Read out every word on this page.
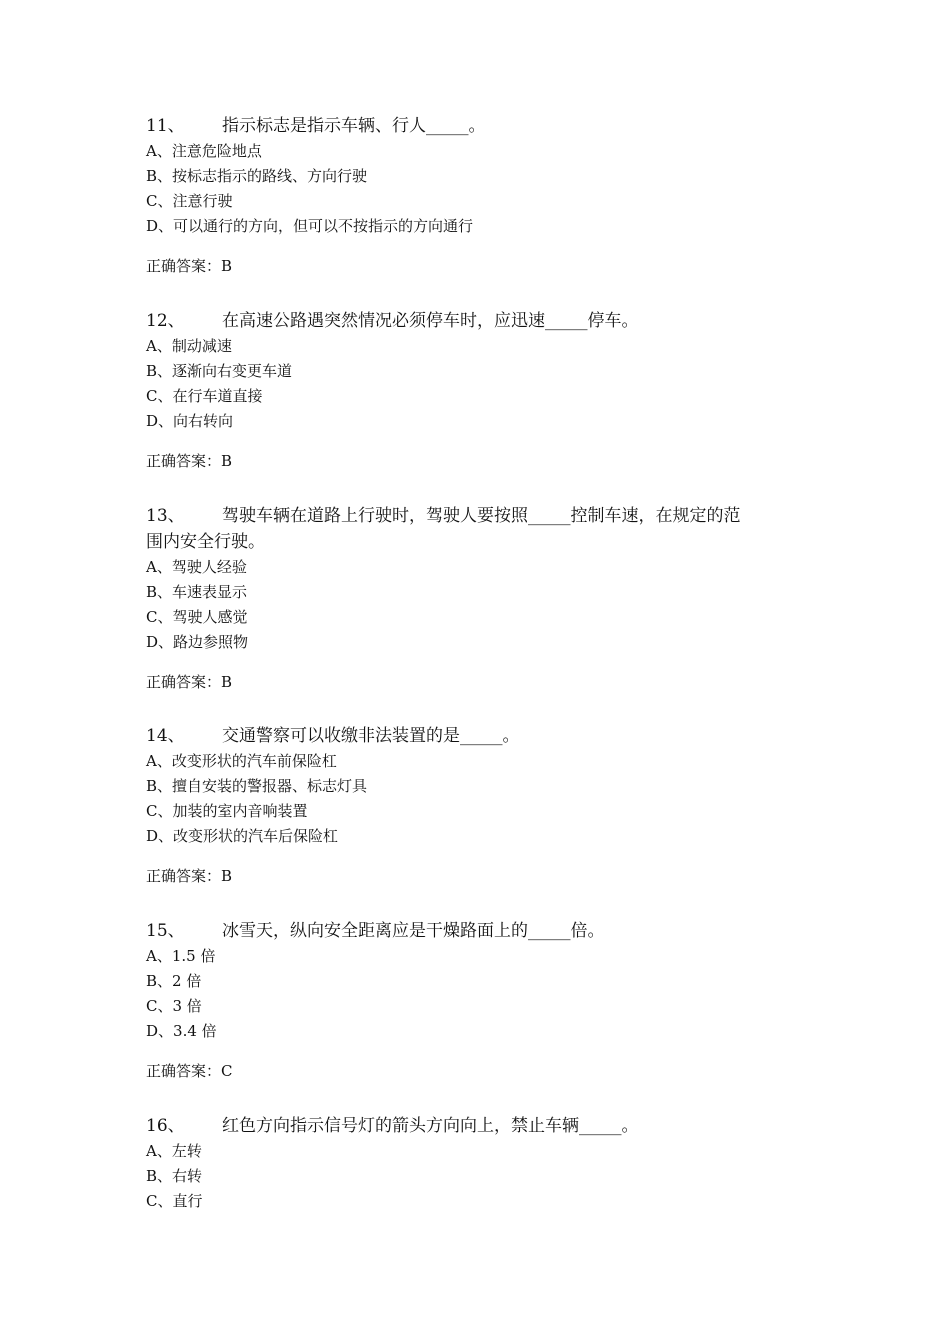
11、	指示标志是指示车辆、行人_____。
A、注意危险地点
B、按标志指示的路线、方向行驶
C、注意行驶
D、可以通行的方向，但可以不按指示的方向通行
正确答案：B
12、	在高速公路遇突然情况必须停车时，应迅速_____停车。
A、制动减速
B、逐渐向右变更车道
C、在行车道直接
D、向右转向
正确答案：B
13、	驾驶车辆在道路上行驶时，驾驶人要按照_____控制车速，在规定的范
围内安全行驶。
A、驾驶人经验
B、车速表显示
C、驾驶人感觉
D、路边参照物
正确答案：B
14、	交通警察可以收缴非法装置的是_____。
A、改变形状的汽车前保险杠
B、擅自安装的警报器、标志灯具
C、加装的室内音响装置
D、改变形状的汽车后保险杠
正确答案：B
15、	冰雪天，纵向安全距离应是干燥路面上的_____倍。
A、1.5 倍
B、2 倍
C、3 倍
D、3.4 倍
正确答案：C
16、	红色方向指示信号灯的箭头方向向上，禁止车辆_____。
A、左转
B、右转
C、直行
